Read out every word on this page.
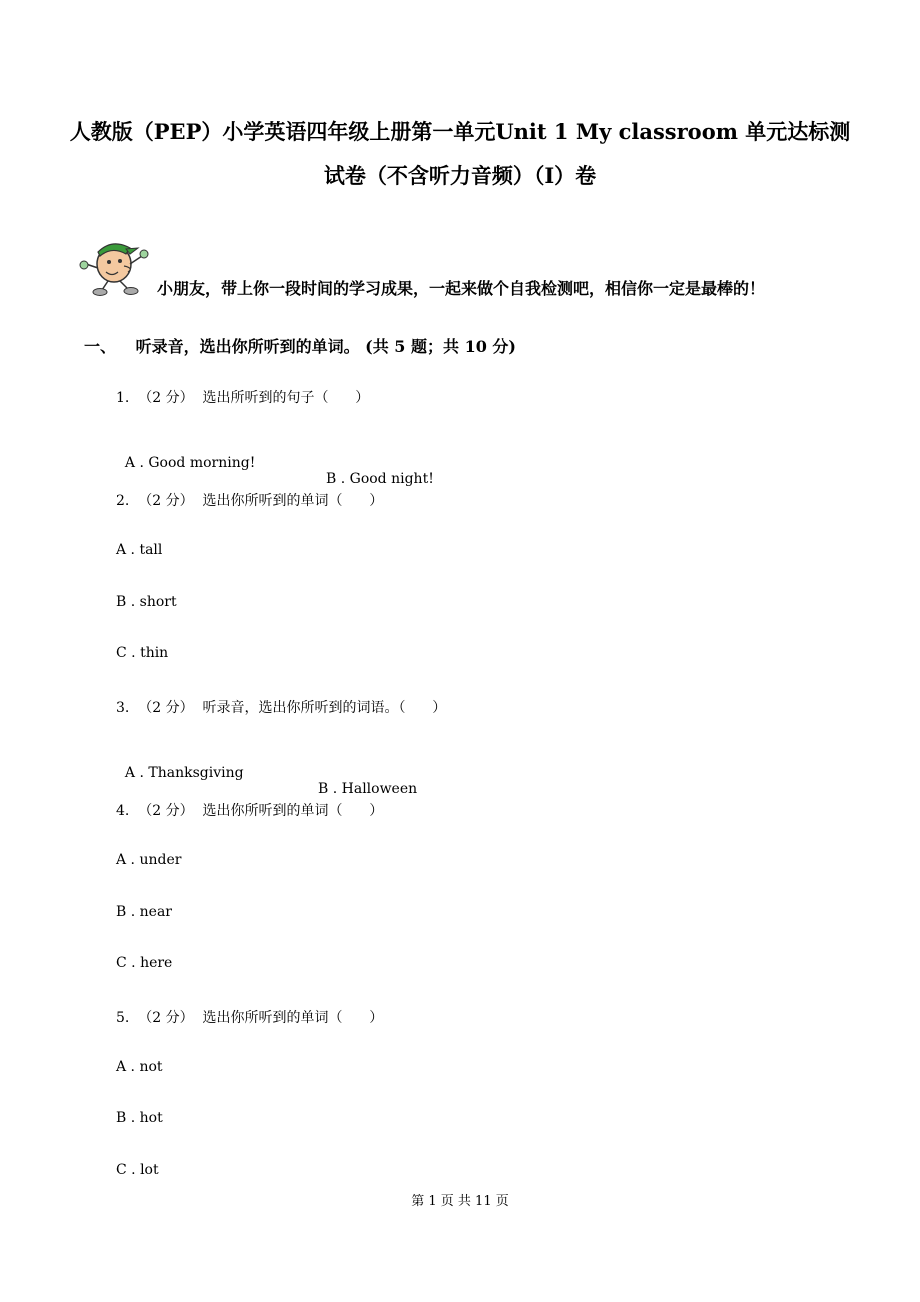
人教版（PEP）小学英语四年级上册第一单元Unit 1 My classroom 单元达标测
试卷（不含听力音频）（I）卷
小朋友，带上你一段时间的学习成果，一起来做个自我检测吧，相信你一定是最棒的！
一、 听录音，选出你所听到的单词。 (共 5 题；共 10 分)
1.  （2 分）  选出所听到的句子（      ）

A . Good morning!

B . Good night!

2.  （2 分）  选出你所听到的单词（      ）
A . tall
B . short
C . thin
3.  （2 分）  听录音，选出你所听到的词语。（      ）

A . Thanksgiving

B . Halloween

4.  （2 分）  选出你所听到的单词（      ）
A . under
B . near
C . here
5.  （2 分）  选出你所听到的单词（      ）
A . not
B . hot
C . lot
第 1 页 共 11 页
